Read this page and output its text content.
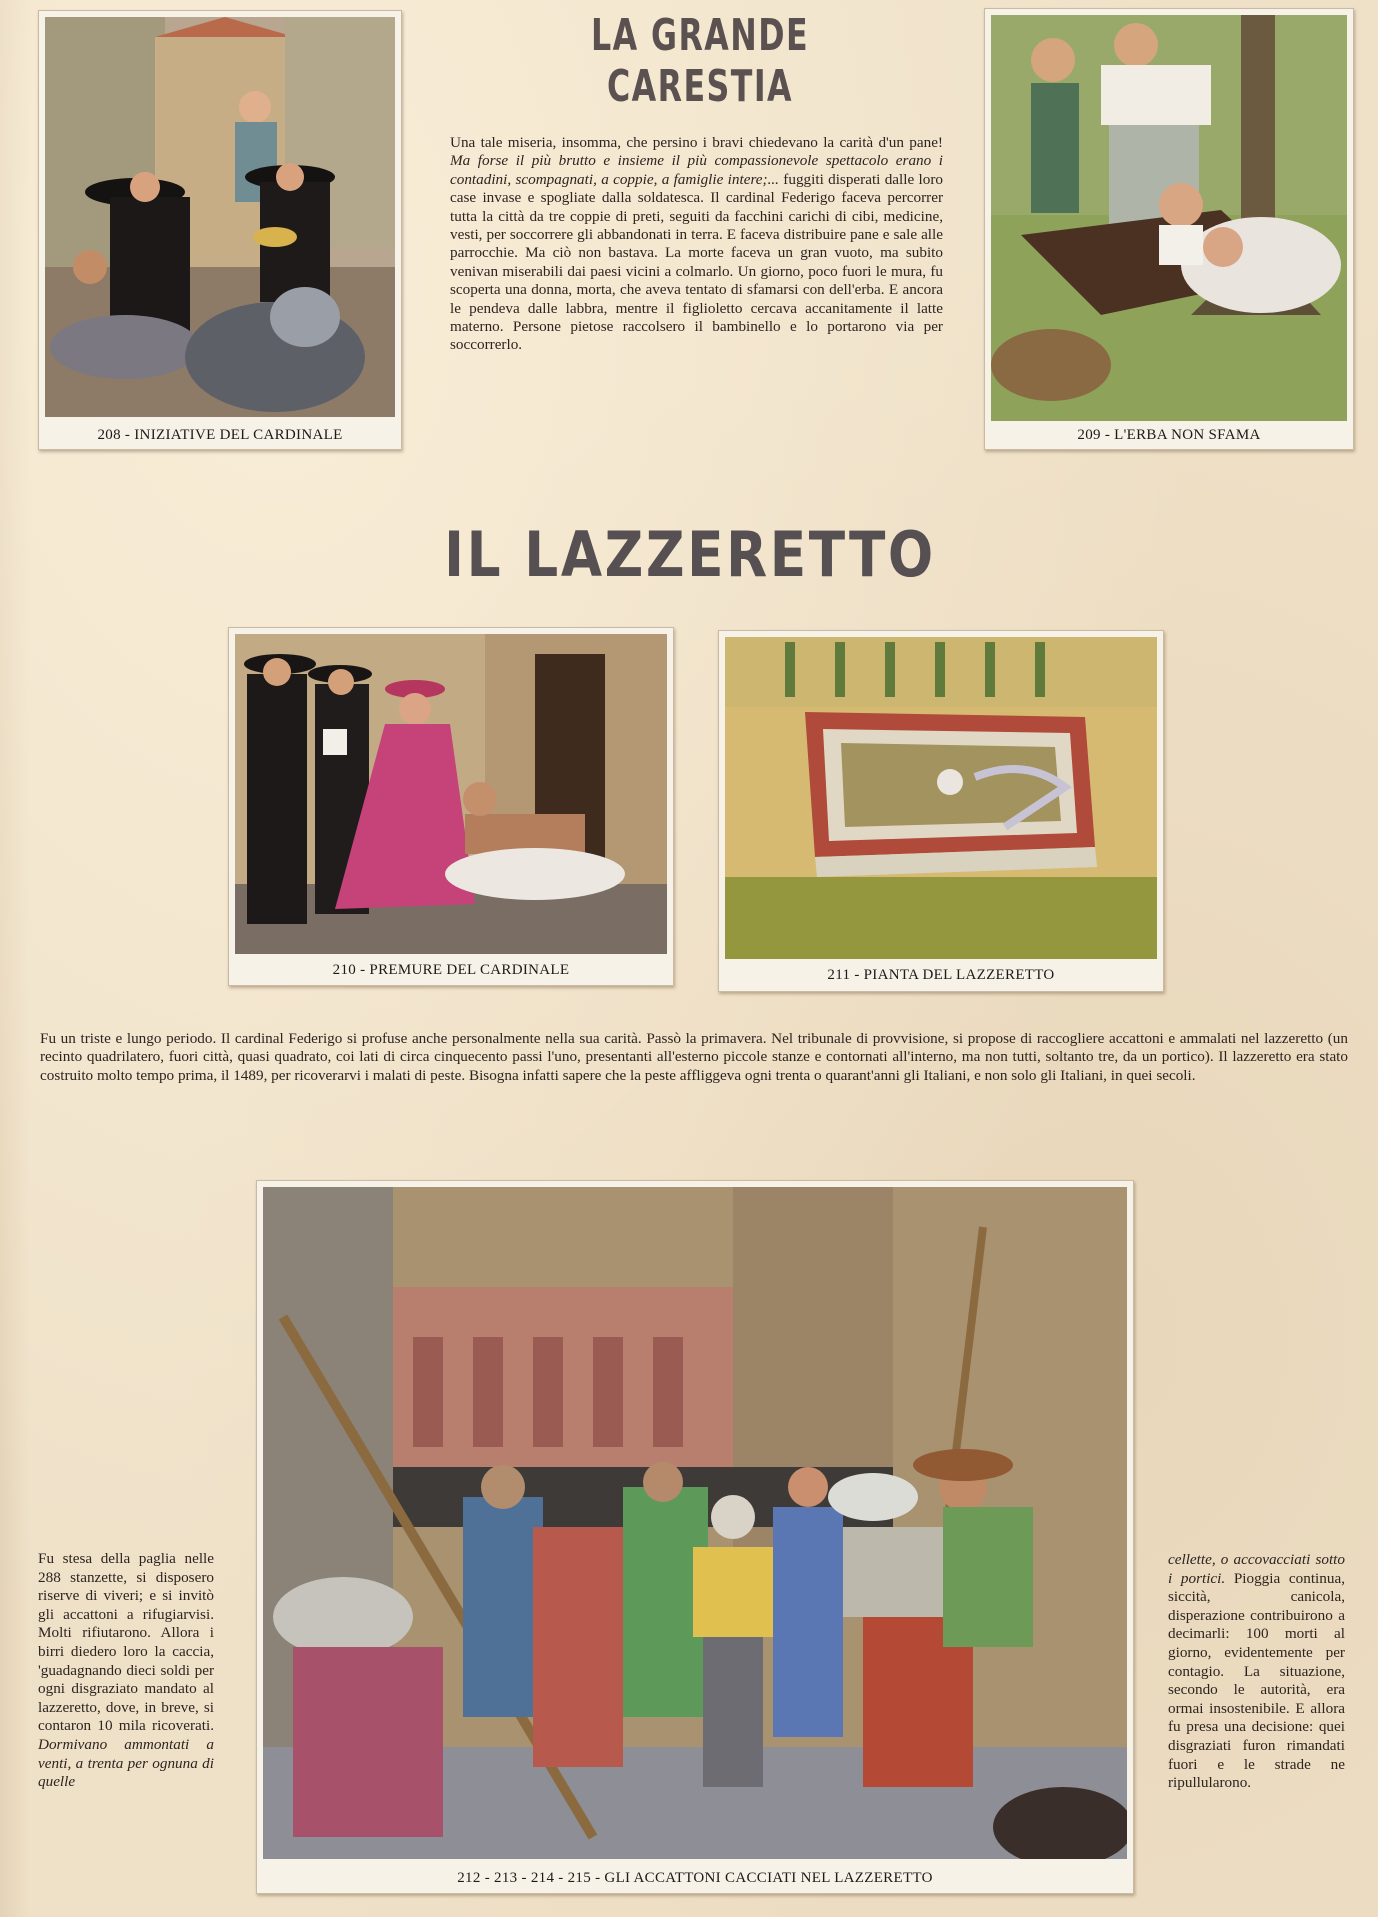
LA GRANDE CARESTIA
208 - INIZIATIVE DEL CARDINALE

Una tale miseria, insomma, che persino i bravi chiedevano la carità d'un pane! Ma forse il più brutto e insieme il più compassionevole spettacolo erano i contadini, scompagnati, a coppie, a famiglie intere;... fuggiti disperati dalle loro case invase e spogliate dalla soldatesca. Il cardinal Federigo faceva percorrer tutta la città da tre coppie di preti, seguiti da facchini carichi di cibi, medicine, vesti, per soccorrere gli abbandonati in terra. E faceva distribuire pane e sale alle parrocchie. Ma ciò non bastava. La morte faceva un gran vuoto, ma subito venivan miserabili dai paesi vicini a colmarlo. Un giorno, poco fuori le mura, fu scoperta una donna, morta, che aveva tentato di sfamarsi con dell'erba. E ancora le pendeva dalle labbra, mentre il figlioletto cercava accanitamente il latte materno. Persone pietose raccolsero il bambinello e lo portarono via per soccorrerlo.

209 - L'ERBA NON SFAMA
IL LAZZERETTO
210 - PREMURE DEL CARDINALE	211 - PIANTA DEL LAZZERETTO

Fu un triste e lungo periodo. Il cardinal Federigo si profuse anche personalmente nella sua carità. Passò la primavera. Nel tribunale di provvisione, si propose di raccogliere accattoni e ammalati nel lazzeretto (un recinto quadrilatero, fuori città, quasi quadrato, coi lati di circa cinquecento passi l'uno, presentanti all'esterno piccole stanze e contornati all'interno, ma non tutti, soltanto tre, da un portico). Il lazzeretto era stato costruito molto tempo prima, il 1489, per ricoverarvi i malati di peste. Bisogna infatti sapere che la peste affliggeva ogni trenta o quarant'anni gli Italiani, e non solo gli Italiani, in quei secoli.

212 - 213 - 214 - 215 - GLI ACCATTONI CACCIATI NEL LAZZERETTO

Fu stesa della paglia nelle 288 stanzette, si disposero riserve di viveri; e si invitò gli accattoni a rifugiarvisi. Molti rifiutarono. Allora i birri diedero loro la caccia, 'guadagnando dieci soldi per ogni disgraziato mandato al lazzeretto, dove, in breve, si contaron 10 mila ricoverati. Dormivano ammontati a venti, a trenta per ognuna di quelle

cellette, o accovacciati sotto i portici. Pioggia continua, siccità, canicola, disperazione contribuirono a decimarli: 100 morti al giorno, evidentemente per contagio. La situazione, secondo le autorità, era ormai insostenibile. E allora fu presa una decisione: quei disgraziati furon rimandati fuori e le strade ne ripullularono.
